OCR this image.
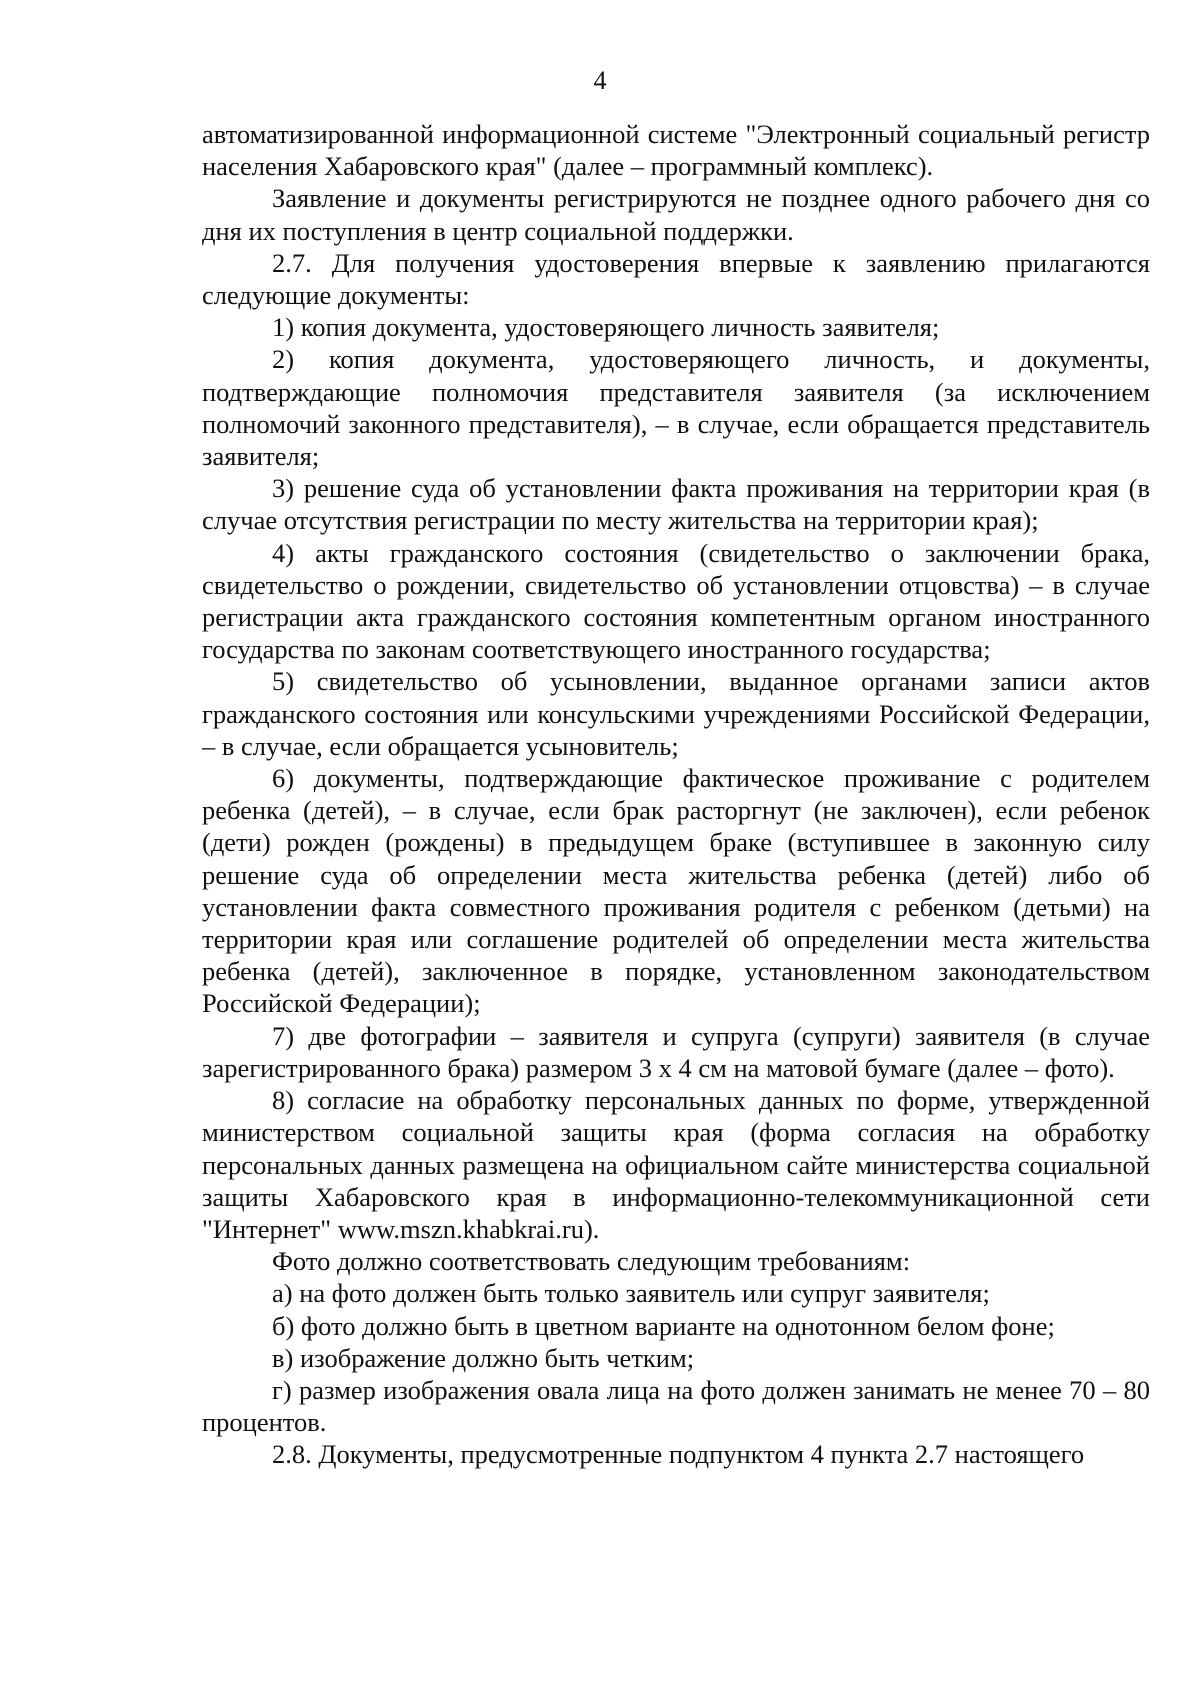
4

автоматизированной информационной системе "Электронный социальный регистр населения Хабаровского края" (далее – программный комплекс).

Заявление и документы регистрируются не позднее одного рабочего дня со дня их поступления в центр социальной поддержки.

2.7. Для получения удостоверения впервые к заявлению прилагаются следующие документы:

1) копия документа, удостоверяющего личность заявителя;

2) копия документа, удостоверяющего личность, и документы, подтверждающие полномочия представителя заявителя (за исключением полномочий законного представителя), – в случае, если обращается представитель заявителя;

3) решение суда об установлении факта проживания на территории края (в случае отсутствия регистрации по месту жительства на территории края);

4) акты гражданского состояния (свидетельство о заключении брака, свидетельство о рождении, свидетельство об установлении отцовства) – в случае регистрации акта гражданского состояния компетентным органом иностранного государства по законам соответствующего иностранного государства;

5) свидетельство об усыновлении, выданное органами записи актов гражданского состояния или консульскими учреждениями Российской Федерации, – в случае, если обращается усыновитель;

6) документы, подтверждающие фактическое проживание с родителем ребенка (детей), – в случае, если брак расторгнут (не заключен), если ребенок (дети) рожден (рождены) в предыдущем браке (вступившее в законную силу решение суда об определении места жительства ребенка (детей) либо об установлении факта совместного проживания родителя с ребенком (детьми) на территории края или соглашение родителей об определении места жительства ребенка (детей), заключенное в порядке, установленном законодательством Российской Федерации);

7) две фотографии – заявителя и супруга (супруги) заявителя (в случае зарегистрированного брака) размером 3 х 4 см на матовой бумаге (далее – фото).

8) согласие на обработку персональных данных по форме, утвержденной министерством социальной защиты края (форма согласия на обработку персональных данных размещена на официальном сайте министерства социальной защиты Хабаровского края в информационно-телекоммуникационной сети "Интернет" www.mszn.khabkrai.ru).

Фото должно соответствовать следующим требованиям:

а) на фото должен быть только заявитель или супруг заявителя;

б) фото должно быть в цветном варианте на однотонном белом фоне;

в) изображение должно быть четким;

г) размер изображения овала лица на фото должен занимать не менее 70 – 80 процентов.

2.8. Документы, предусмотренные подпунктом 4 пункта 2.7 настоящего
